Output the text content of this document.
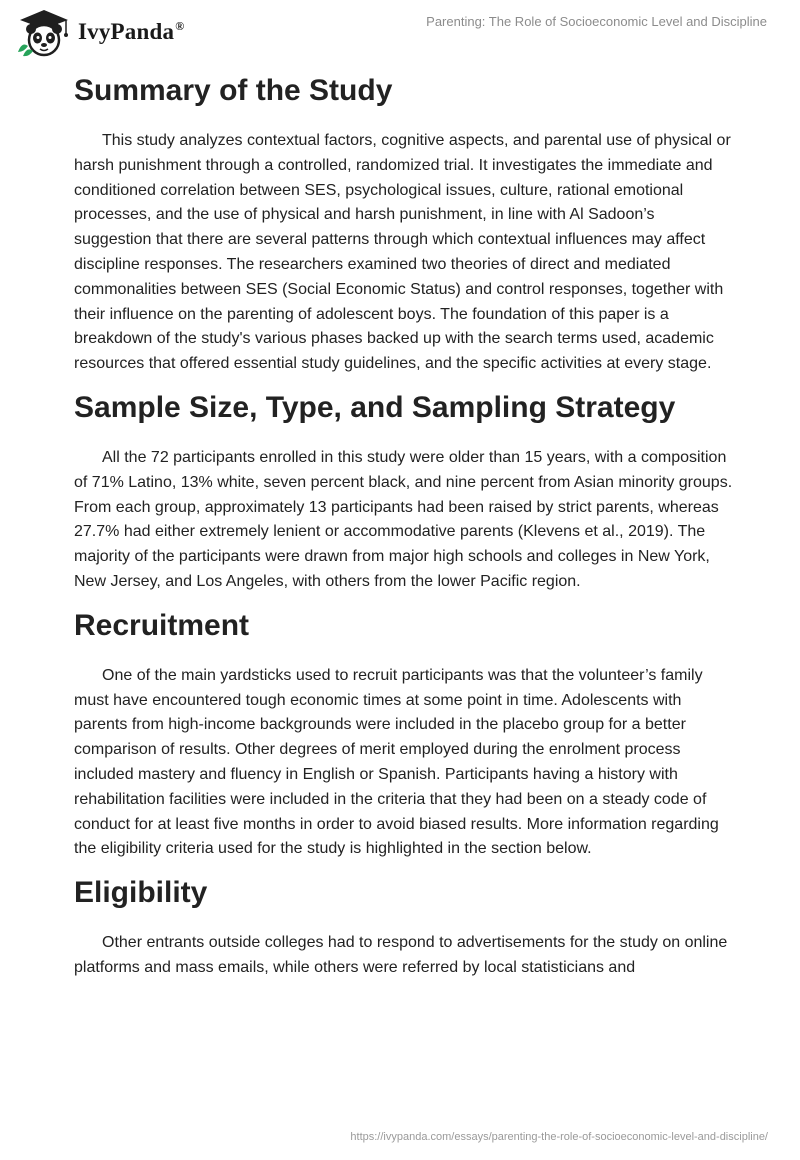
IvyPanda®	Parenting: The Role of Socioeconomic Level and Discipline
Summary of the Study

This study analyzes contextual factors, cognitive aspects, and parental use of physical or harsh punishment through a controlled, randomized trial. It investigates the immediate and conditioned correlation between SES, psychological issues, culture, rational emotional processes, and the use of physical and harsh punishment, in line with Al Sadoon’s suggestion that there are several patterns through which contextual influences may affect discipline responses. The researchers examined two theories of direct and mediated commonalities between SES (Social Economic Status) and control responses, together with their influence on the parenting of adolescent boys. The foundation of this paper is a breakdown of the study's various phases backed up with the search terms used, academic resources that offered essential study guidelines, and the specific activities at every stage.

Sample Size, Type, and Sampling Strategy

All the 72 participants enrolled in this study were older than 15 years, with a composition of 71% Latino, 13% white, seven percent black, and nine percent from Asian minority groups. From each group, approximately 13 participants had been raised by strict parents, whereas 27.7% had either extremely lenient or accommodative parents (Klevens et al., 2019). The majority of the participants were drawn from major high schools and colleges in New York, New Jersey, and Los Angeles, with others from the lower Pacific region.

Recruitment

One of the main yardsticks used to recruit participants was that the volunteer’s family must have encountered tough economic times at some point in time. Adolescents with parents from high-income backgrounds were included in the placebo group for a better comparison of results. Other degrees of merit employed during the enrolment process included mastery and fluency in English or Spanish. Participants having a history with rehabilitation facilities were included in the criteria that they had been on a steady code of conduct for at least five months in order to avoid biased results. More information regarding the eligibility criteria used for the study is highlighted in the section below.

Eligibility

Other entrants outside colleges had to respond to advertisements for the study on online platforms and mass emails, while others were referred by local statisticians and

https://ivypanda.com/essays/parenting-the-role-of-socioeconomic-level-and-discipline/
